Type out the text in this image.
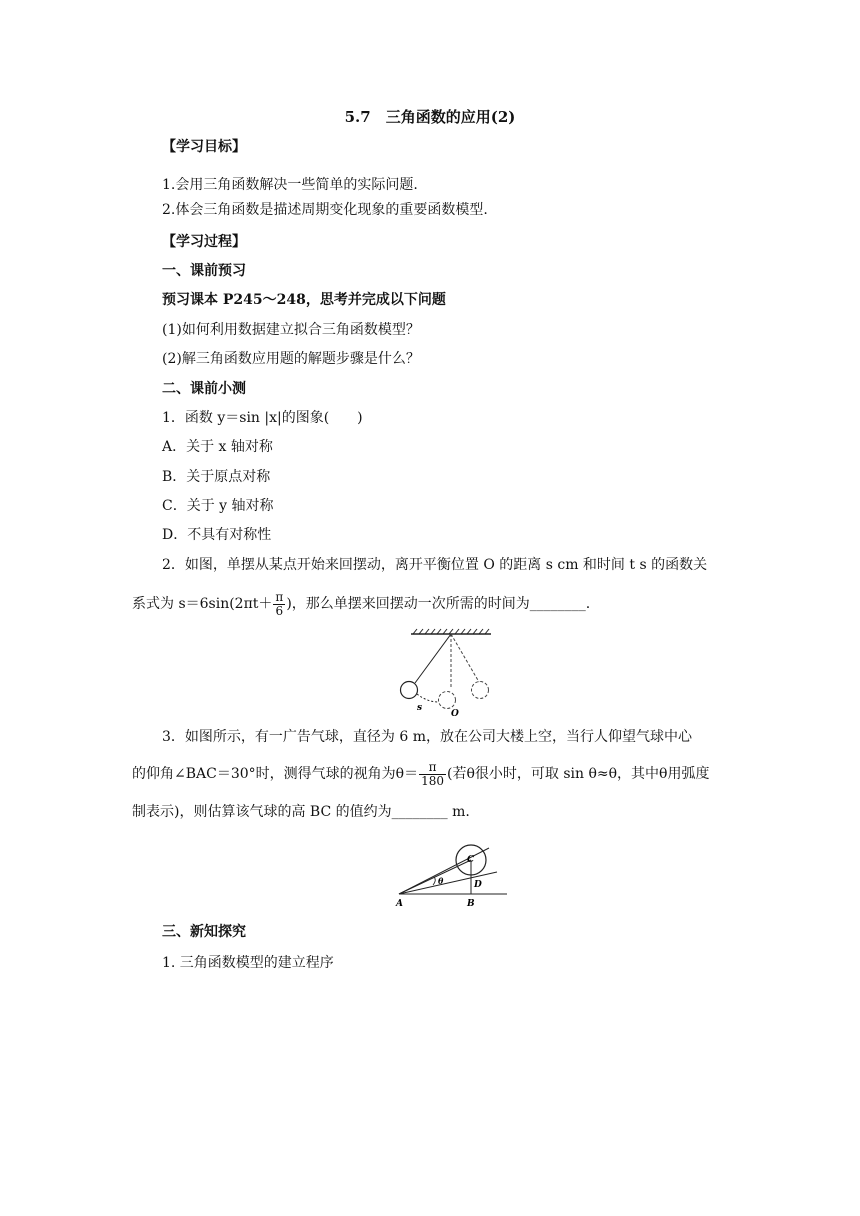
5.7　三角函数的应用(2)
【学习目标】
1.会用三角函数解决一些简单的实际问题.
2.体会三角函数是描述周期变化现象的重要函数模型.
【学习过程】
一、课前预习
预习课本 P245～248，思考并完成以下问题
(1)如何利用数据建立拟合三角函数模型？
(2)解三角函数应用题的解题步骤是什么？
二、课前小测
1．函数 y＝sin |x|的图象(　　)
A．关于 x 轴对称
B．关于原点对称
C．关于 y 轴对称
D．不具有对称性
2．如图，单摆从某点开始来回摆动，离开平衡位置 O 的距离 s cm 和时间 t s 的函数关
系式为 $s=6\sin(2\pi t+ \frac{\pi}{6}$ )，那么单摆来回摆动一次所需的时间为________.
s
O
3．如图所示，有一广告气球，直径为 6 m，放在公司大楼上空，当行人仰望气球中心
的仰角∠BAC＝30°时，测得气球的视角为$\theta= \frac{\pi}{180}$ (若θ很小时，可取 sin θ≈θ，其中θ用弧度
制表示)，则估算该气球的高 BC 的值约为________ m.
θ
C
D
A	B
三、新知探究
1. 三角函数模型的建立程序
